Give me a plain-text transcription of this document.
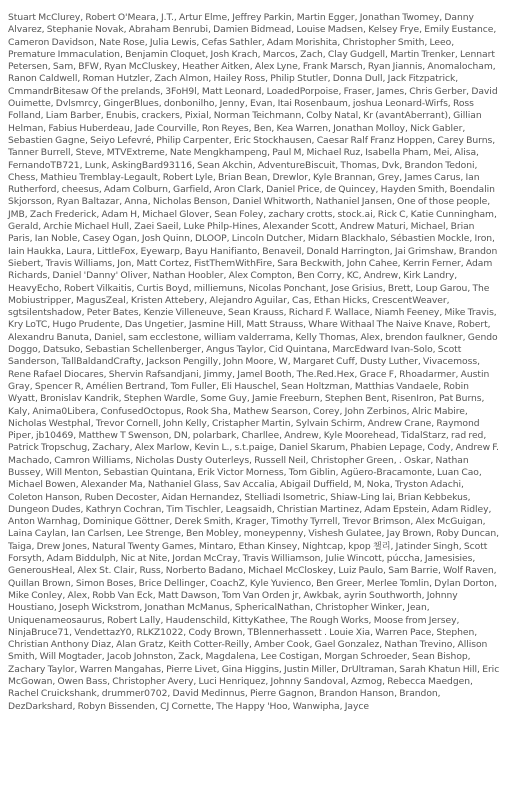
Stuart McClurey, Robert O'Meara, J.T., Artur Elme, Jeffrey Parkin, Martin Egger, Jonathan Twomey, Danny Alvarez, Stephanie Novak, Abraham Benrubi, Damien Bidmead, Louise Madsen, Kelsey Frye, Emily Eustance, Cameron Davidson, Nate Rose, Julia Lewis, Cefas Sathler, Adam Morishita, Christopher Smith, Leeo, Premature Immaculation, Benjamin Cloquet, Josh Krach, Marcos, Zach, Clay Gudgell, Martin Trenker, Lennart Petersen, Sam, BFW, Ryan McCluskey, Heather Aitken, Alex Lyne, Frank Marsch, Ryan Jiannis, Anomalocham, Ranon Caldwell, Roman Hutzler, Zach Almon, Hailey Ross, Philip Stutler, Donna Dull, Jack Fitzpatrick, CmmandrBitesaw Of the prelands, 3FoH9l, Matt Leonard, LoadedPorpoise, Fraser, James, Chris Gerber, David Ouimette, Dvlsmrcy, GingerBlues, donbonilho, Jenny, Evan, Itai Rosenbaum, joshua Leonard-Wirfs, Ross Folland, Liam Barber, Enubis, crackers, Pixial, Norman Teichmann, Colby Natal, Kr (avantAberrant), Gillian Helman, Fabius Huberdeau, Jade Courville, Ron Reyes, Ben, Kea Warren, Jonathan Molloy, Nick Gabler, Sebastien Gagne, Seiyo Lefevré, Philip Carpenter, Eric Stockhausen, Caesar Ralf Franz Hoppen, Carey Burns, Tanner Burrell, Steve, MTVExtreme, Nate Mengkhampeng, Paul M, Michael Ruz, Isabella Pham, Mei, Alisa, FernandoTB721, Lunk, AskingBard93116, Sean Akchin, AdventureBiscuit, Thomas, Dvk, Brandon Tedoni, Chess, Mathieu Tremblay-Legault, Robert Lyle, Brian Bean, Drewlor, Kyle Brannan, Grey, James Carus, Ian Rutherford, cheesus, Adam Colburn, Garfield, Aron Clark, Daniel Price, de Quincey, Hayden Smith, Boendalin Skjorsson, Ryan Baltazar, Anna, Nicholas Benson, Daniel Whitworth, Nathaniel Jansen, One of those people, JMB, Zach Frederick, Adam H, Michael Glover, Sean Foley, zachary crotts, stock.ai, Rick C, Katie Cunningham, Gerald, Archie Michael Hull, Zaei Saeil, Luke Philp-Hines, Alexander Scott, Andrew Maturi, Michael, Brian Paris, Ian Noble, Casey Ogan, Josh Quinn, DLOOP, Lincoln Dutcher, Midarn Blackhalo, Sébastien Mockle, Iron, Iain Haukka, Laura, LittleFox, Eyewarp, Bayu Hanifianto, Benaveil, Donald Harrington, Jai Grimshaw, Brandon Siebert, Travis Williams, Jon, Matt Cortez, FistThemWithFire, Sara Beckwith, John Cahee, Kerrin Ferner, Adam Richards, Daniel 'Danny' Oliver, Nathan Hoobler, Alex Compton, Ben Corry, KC, Andrew, Kirk Landry, HeavyEcho, Robert Vilkaitis, Curtis Boyd, milliemuns, Nicolas Ponchant, Jose Grisius, Brett, Loup Garou, The Mobiustripper, MagusZeal, Kristen Attebery, Alejandro Aguilar, Cas, Ethan Hicks, CrescentWeaver, sgtsilentshadow, Peter Bates, Kenzie Villeneuve, Sean Krauss, Richard F. Wallace, Niamh Feeney, Mike Travis, Kry LoTC, Hugo Prudente, Das Ungetier, Jasmine Hill, Matt Strauss, Whare Withaal The Naive Knave, Robert, Alexandru Banuta, Daniel, sam ecclestone, william valderrama, Kelly Thomas, Alex, brendon faulkner, Gendo Doggo, Datsuko, Sebastian Schellenberger, Angus Taylor, Cid Quintana, MarcEdward Ivan-Solo, Scott Sanderson, TallBaldandCrafty, Jackson Pengilly, John Moore, W, Margaret Cuff, Dusty Luther, Vivacemoss, Rene Rafael Diocares, Shervin Rafsandjani, Jimmy, Jamel Booth, The.Red.Hex, Grace F, Rhoadarmer, Austin Gray, Spencer R, Amélien Bertrand, Tom Fuller, Eli Hauschel, Sean Holtzman, Matthias Vandaele, Robin Wyatt, Bronislav Kandrik, Stephen Wardle, Some Guy, Jamie Freeburn, Stephen Bent, RisenIron, Pat Burns, Kaly, Anima0Libera, ConfusedOctopus, Rook Sha, Mathew Searson, Corey, John Zerbinos, Alric Mabire, Nicholas Westphal, Trevor Cornell, John Kelly, Cristapher Martin, Sylvain Schirm, Andrew Crane, Raymond Piper, jb10469, Matthew T Swenson, DN, polarbark, Charllee, Andrew, Kyle Moorehead, TidalStarz, rad red, Patrick Tropschug, Zachary, Alex Marlow, Kevin L., s.t.paige, Daniel Skarum, Phabien Lepage, Cody, Andrew F. Machado, Camron Williams, Nicholas Dusty Outerleys, Russell Neil, Christopher Green, . Oskar, Nathan Bussey, Will Menton, Sebastian Quintana, Erik Victor Morness, Tom Giblin, Agüero-Bracamonte, Luan Cao, Michael Bowen, Alexander Ma, Nathaniel Glass, Sav Accalia, Abigail Duffield, M, Noka, Tryston Adachi, Coleton Hanson, Ruben Decoster, Aidan Hernandez, Stelliadi Isometric, Shiaw-Ling lai, Brian Kebbekus, Dungeon Dudes, Kathryn Cochran, Tim Tischler, Leagsaidh, Christian Martinez, Adam Epstein, Adam Ridley, Anton Warnhag, Dominique Göttner, Derek Smith, Krager, Timothy Tyrrell, Trevor Brimson, Alex McGuigan, Laina Caylan, Ian Carlsen, Lee Strenge, Ben Mobley, moneypenny, Vishesh Gulatee, Jay Brown, Roby Duncan, Taiga, Drew Jones, Natural Twenty Games, Mintaro, Ethan Kinsey, Nightcap, kpop 챌리, Jatinder Singh, Scott Forsyth, Adam Biddulph, Nic at Nite, Jordan McCray, Travis Williamson, Julie Wincott, púccha, Jamesisies, GenerousHeal, Alex St. Clair, Russ, Norberto Badano, Michael McCloskey, Luiz Paulo, Sam Barrie, Wolf Raven, Quillan Brown, Simon Boses, Brice Dellinger, CoachZ, Kyle Yuvienco, Ben Greer, Merlee Tomlin, Dylan Dorton, Mike Conley, Alex, Robb Van Eck, Matt Dawson, Tom Van Orden jr, Awkbak, ayrin Southworth, Johnny Houstiano, Joseph Wickstrom, Jonathan McManus, SphericalNathan, Christopher Winker, Jean, Uniquenameosaurus, Robert Lally, Haudenschild, KittyKathee, The Rough Works, Moose from Jersey, NinjaBruce71, VendettazY0, RLKZ1022, Cody Brown, TBlennerhassett . Louie Xia, Warren Pace, Stephen, Christian Anthony Diaz, Alan Gratz, Keith Cotter-Reilly, Amber Cook, Gael Gonzalez, Nathan Trevino, Allison Smith, Will Mogtader, Jacob Johnston, Zack, Magdalena, Lee Costigan, Morgan Schroeder, Sean Bishop, Zachary Taylor, Warren Mangahas, Pierre Livet, Gina Higgins, Justin Miller, DrUltraman, Sarah Khatun Hill, Eric McGowan, Owen Bass, Christopher Avery, Luci Henriquez, Johnny Sandoval, Azmog, Rebecca Maedgen, Rachel Cruickshank, drummer0702, David Medinnus, Pierre Gagnon, Brandon Hanson, Brandon, DezDarkshard, Robyn Bissenden, CJ Cornette, The Happy 'Hoo, Wanwipha, Jayce
